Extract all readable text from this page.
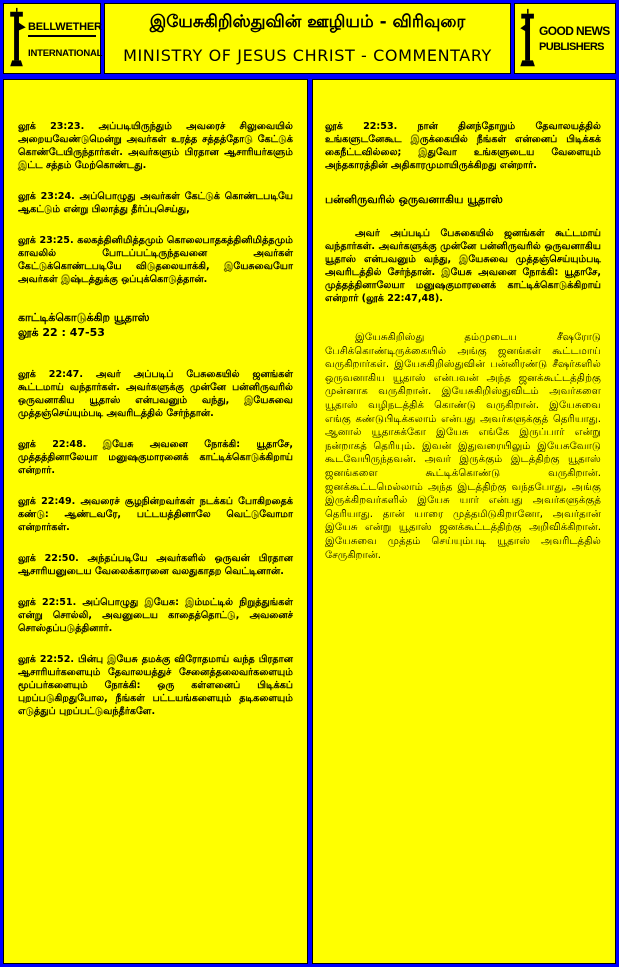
BELLWETHER
INTERNATIONAL
இயேசுகிறிஸ்துவின் ஊழியம் - விரிவுரை
MINISTRY OF JESUS CHRIST - COMMENTARY
GOOD NEWS
PUBLISHERS

லூக் 23:23. அப்படியிருந்தும் அவரைச் சிலுவையில் அறையவேண்டுமென்று அவர்கள் உரத்த சத்தத்தோடு கேட்டுக் கொண்டேயிருந்தார்கள். அவர்களும் பிரதான ஆசாரியர்களும் இட்ட சத்தம் மேற்கொண்டது.

லூக் 23:24. அப்பொழுது அவர்கள் கேட்டுக் கொண்டபடியே ஆகட்டும் என்று பிலாத்து தீர்ப்புசெய்து,

லூக் 23:25. கலகத்தினிமித்தமும் கொலைபாதகத்தினிமித்தமும் காவலில் போடப்பட்டிருந்தவனை அவர்கள் கேட்டுக்கொண்டபடியே விடுதலையாக்கி, இயேசுவையோ அவர்கள் இஷ்டத்துக்கு ஒப்புக்கொடுத்தான்.

காட்டிக்கொடுக்கிற யூதாஸ்
லூக் 22 : 47-53

லூக் 22:47. அவர் அப்படிப் பேசுகையில் ஜனங்கள் கூட்டமாய் வந்தார்கள். அவர்களுக்கு முன்னே பன்னிருவரில் ஒருவனாகிய யூதாஸ் என்பவனும் வந்து, இயேசுவை முத்தஞ்செய்யும்படி அவரிடத்தில் சேர்ந்தான்.

லூக் 22:48. இயேசு அவனை நோக்கி: யூதாசே, முத்தத்தினாலேயா மனுஷகுமாரனைக் காட்டிக்கொடுக்கிறாய் என்றார்.

லூக் 22:49. அவரைச் சூழநின்றவர்கள் நடக்கப் போகிறதைக் கண்டு: ஆண்டவரே, பட்டயத்தினாலே வெட்டுவோமா என்றார்கள்.

லூக் 22:50. அந்தப்படியே அவர்களில் ஒருவன் பிரதான ஆசாரியனுடைய வேலைக்காரனை வலதுகாதற வெட்டினான்.

லூக் 22:51. அப்பொழுது இயேசு: இம்மட்டில் நிறுத்துங்கள் என்று சொல்லி, அவனுடைய காதைத்தொட்டு, அவனைச் சொஸ்தப்படுத்தினார்.

லூக் 22:52. பின்பு இயேசு தமக்கு விரோதமாய் வந்த பிரதான ஆசாரியர்களையும் தேவாலயத்துச் சேனைத்தலைவர்களையும் மூப்பர்களையும் நோக்கி: ஒரு கள்ளனைப் பிடிக்கப் புறப்படுகிறதுபோல, நீங்கள் பட்டயங்களையும் தடிகளையும் எடுத்துப் புறப்பட்டுவந்தீர்களே.

லூக் 22:53. நான் தினந்தோறும் தேவாலயத்தில் உங்களுடனேகூட இருக்கையில் நீங்கள் என்னைப் பிடிக்கக் கைநீட்டவில்லை; இதுவோ உங்களுடைய வேளையும் அந்தகாரத்தின் அதிகாரமுமாயிருக்கிறது என்றார்.

பன்னிருவரில் ஒருவனாகிய யூதாஸ்

அவர் அப்படிப் பேசுகையில் ஜனங்கள் கூட்டமாய் வந்தார்கள். அவர்களுக்கு முன்னே பன்னிருவரில் ஒருவனாகிய யூதாஸ் என்பவனும் வந்து, இயேசுவை முத்தஞ்செய்யும்படி அவரிடத்தில் சேர்ந்தான். இயேசு அவனை நோக்கி: யூதாசே, முத்தத்தினாலேயா மனுஷகுமாரனைக் காட்டிக்கொடுக்கிறாய் என்றார் (லூக் 22:47,48).

இயேசுகிறிஸ்து தம்முடைய சீஷரோடு பேசிக்கொண்டிருக்கையில் அங்கு ஜனங்கள் கூட்டமாய் வருகிறார்கள். இயேசுகிறிஸ்துவின் பன்னிரண்டு சீஷர்களில் ஒருவனாகிய யூதாஸ் என்பவன் அந்த ஜனக்கூட்டத்திற்கு முன்னாக வருகிறான். இயேசுகிறிஸ்துவிடம் அவர்களை யூதாஸ் வழிநடத்திக் கொண்டு வருகிறான். இயேசுவை எங்கு கண்டுபிடிக்கலாம் என்பது அவர்களுக்குத் தெரியாது. ஆனால் யூதாசுக்கோ இயேசு எங்கே இருப்பார் என்று நன்றாகத் தெரியும். இவன் இதுவரையிலும் இயேசுவோடு கூடவேயிருந்தவன். அவர் இருக்கும் இடத்திற்கு யூதாஸ் ஜனங்களை கூட்டிக்கொண்டு வருகிறான். ஜனக்கூட்டமெல்லாம் அந்த இடத்திற்கு வந்தபோது, அங்கு இருக்கிறவர்களில் இயேசு யார் என்பது அவர்களுக்குத் தெரியாது. தான் யாரை முத்தமிடுகிறானோ, அவர்தான் இயேசு என்று யூதாஸ் ஜனக்கூட்டத்திற்கு அறிவிக்கிறான். இயேசுவை முத்தம் செய்யும்படி யூதாஸ் அவரிடத்தில் சேருகிறான்.
